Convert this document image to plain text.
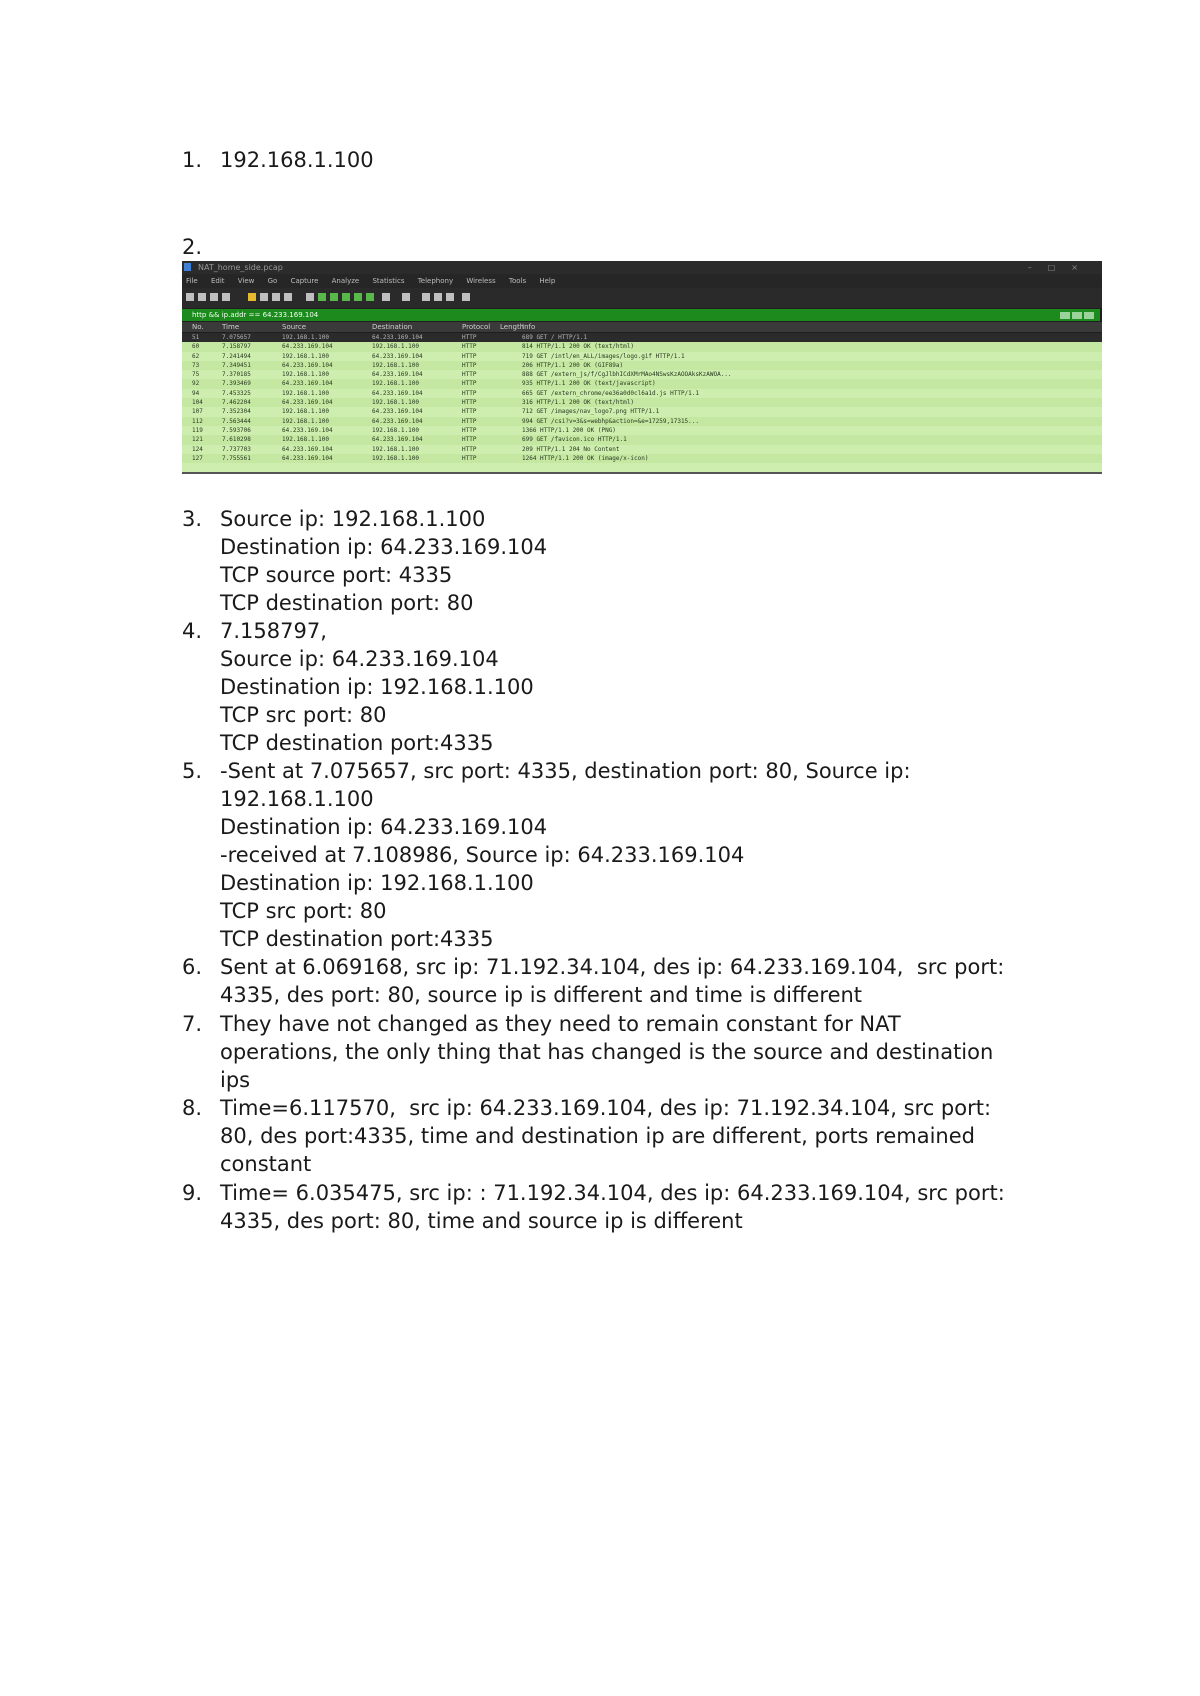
1. 192.168.1.100
2.
NAT_home_side.pcap	–□×
File Edit View Go Capture Analyze Statistics Telephony Wireless Tools Help
http && ip.addr == 64.233.169.104
No.	Time	Source	Destination	Protocol Length
Info
51	7.075657	192.168.1.100	64.233.169.104	HTTP	689 GET / HTTP/1.1
60	7.158797	64.233.169.104	192.168.1.100	HTTP	814 HTTP/1.1 200 OK (text/html)
62	7.241494	192.168.1.100	64.233.169.104	HTTP	719 GET /intl/en_ALL/images/logo.gif HTTP/1.1
73	7.349451	64.233.169.104	192.168.1.100	HTTP	206 HTTP/1.1 200 OK (GIF89a)
75	7.370185	192.168.1.100	64.233.169.104	HTTP	888 GET /extern_js/f/CgJlbhICdXMrMAo4NSwsKzAOOAksKzAWOA...
92	7.393469	64.233.169.104	192.168.1.100	HTTP	935 HTTP/1.1 200 OK (text/javascript)
94	7.453325	192.168.1.100	64.233.169.104	HTTP	665 GET /extern_chrome/ee36a0d0cl6a1d.js HTTP/1.1
104	7.462204	64.233.169.104	192.168.1.100	HTTP	316 HTTP/1.1 200 OK (text/html)
107	7.352304	192.168.1.100	64.233.169.104	HTTP	712 GET /images/nav_logo7.png HTTP/1.1
112	7.563444	192.168.1.100	64.233.169.104	HTTP	994 GET /csi?v=3&s=webhp&action=&e=17259,17315...
119	7.593706	64.233.169.104	192.168.1.100	HTTP	1366 HTTP/1.1 200 OK (PNG)
121	7.610298	192.168.1.100	64.233.169.104	HTTP	699 GET /favicon.ico HTTP/1.1
124	7.737703	64.233.169.104	192.168.1.100	HTTP	209 HTTP/1.1 204 No Content
127	7.755561	64.233.169.104	192.168.1.100	HTTP	1264 HTTP/1.1 200 OK (image/x-icon)
3. Source ip: 192.168.1.100
Destination ip: 64.233.169.104
TCP source port: 4335
TCP destination port: 80
4. 7.158797,
Source ip: 64.233.169.104
Destination ip: 192.168.1.100
TCP src port: 80
TCP destination port:4335
5. -Sent at 7.075657, src port: 4335, destination port: 80, Source ip:
192.168.1.100
Destination ip: 64.233.169.104
-received at 7.108986, Source ip: 64.233.169.104
Destination ip: 192.168.1.100
TCP src port: 80
TCP destination port:4335
6. Sent at 6.069168, src ip: 71.192.34.104, des ip: 64.233.169.104,  src port:
4335, des port: 80, source ip is different and time is different
7. They have not changed as they need to remain constant for NAT
operations, the only thing that has changed is the source and destination
ips
8. Time=6.117570,  src ip: 64.233.169.104, des ip: 71.192.34.104, src port:
80, des port:4335, time and destination ip are different, ports remained
constant
9. Time= 6.035475, src ip: : 71.192.34.104, des ip: 64.233.169.104, src port:
4335, des port: 80, time and source ip is different
